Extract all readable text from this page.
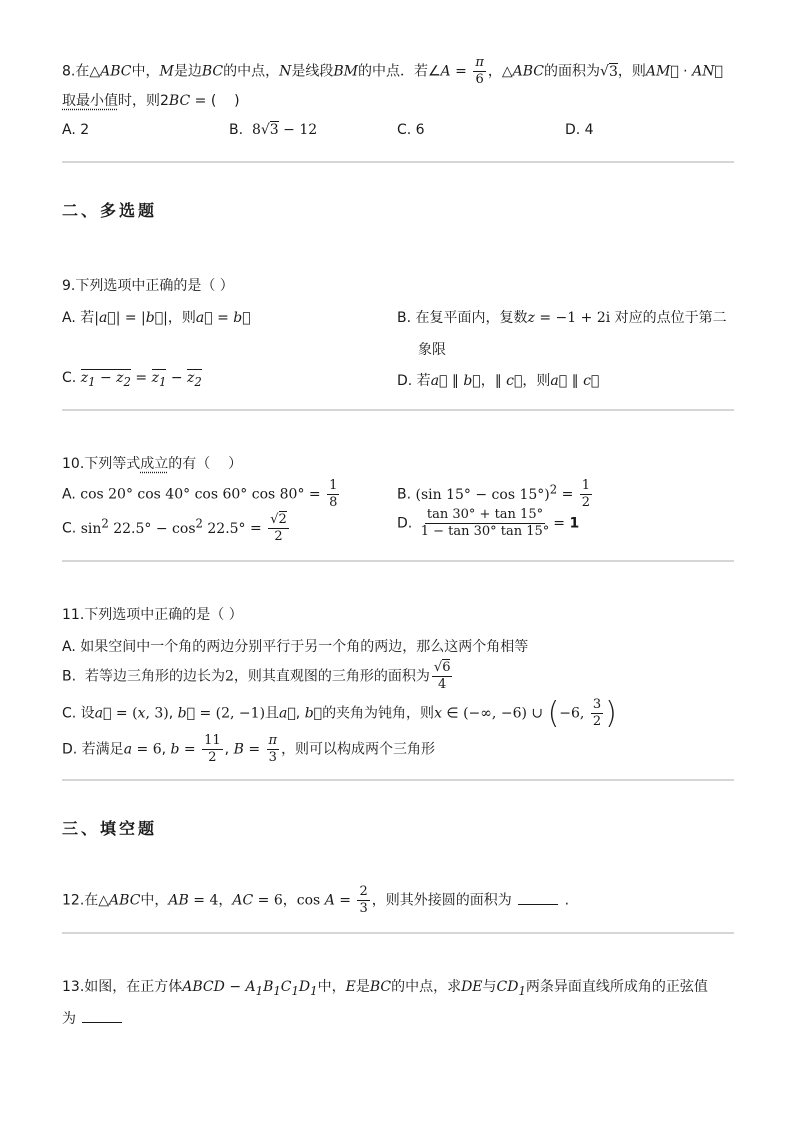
8.在△ABC中，M是边BC的中点，N是线段BM的中点．若∠A = $\frac{\pi}{6}$ ，△ABC的面积为√3，则AM⃗ · AN⃗
取最小值时，则2BC = (    )
A. 2	B.  8√3 − 12	C. 6	D. 4
二、多选题
9.下列选项中正确的是（ ）
A. 若|a⃗| = |b⃗|，则a⃗ = b⃗	B. 在复平面内，复数z = −1 + 2i 对应的点位于第二
象限
C. $z_1 - z_2 = z_1 - z_2$	D. 若a⃗ ∥ b⃗，∥ c⃗，则a⃗ ∥ c⃗
10.下列等式成立的有（    ）
A. cos 20° cos 40° cos 60° $\cos 80^\circ = \frac{1}{8}$	B. (sin $15^\circ - \cos 15^\circ)^2 = \frac{1}{2}$
C. $\sin^2 22.5^\circ - \cos^2 22.5^\circ = \frac{√2}{2}$	D. $\frac{\tan 30^\circ + \tan 15^\circ}{1 - \tan 30^\circ \tan 15^\circ} = 1$
11.下列选项中正确的是（ ）
A. 如果空间中一个角的两边分别平行于另一个角的两边，那么这两个角相等
B.  若等边三角形的边长为2，则其直观图的三角形的面积为 $\frac{√6}{4}$
C. 设a⃗ = (x, 3), b⃗ = (2, −1)且a⃗, b⃗的夹角为钝角，则x ∈ (−∞, −6) ∪ (−6, $\frac{3}{2}$ )
D. 若满足a = 6, $b = \frac{11}{2}$ , $B = \frac{\pi}{3}$ ，则可以构成两个三角形
三、填空题
12.在△ABC中，AB = 4，AC = 6，$\cos A = \frac{2}{3}$ ，则其外接圆的面积为	.
13.如图，在正方体ABCD − $A_1B_1C_1D_1$中，E是BC的中点，求DE与$CD_1$两条异面直线所成角的正弦值
为
